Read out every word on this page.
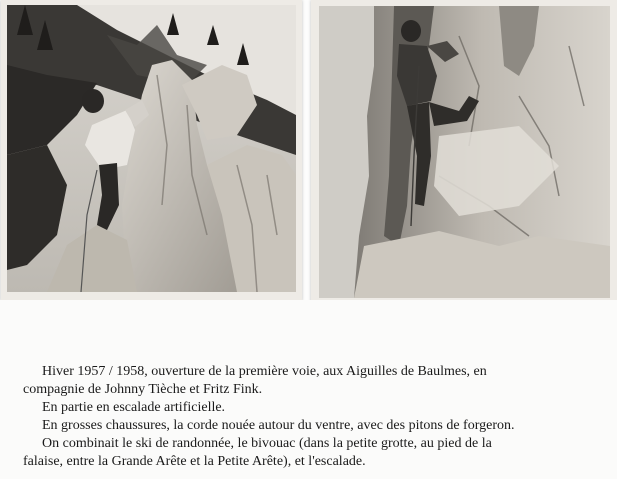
Hiver 1957 / 1958, ouverture de la première voie, aux Aiguilles de Baulmes, en
compagnie de Johnny Tièche et Fritz Fink.
En partie en escalade artificielle.
En grosses chaussures, la corde nouée autour du ventre, avec des pitons de forgeron.
On combinait le ski de randonnée, le bivouac (dans la petite grotte, au pied de la
falaise, entre la Grande Arête et la Petite Arête), et l'escalade.
